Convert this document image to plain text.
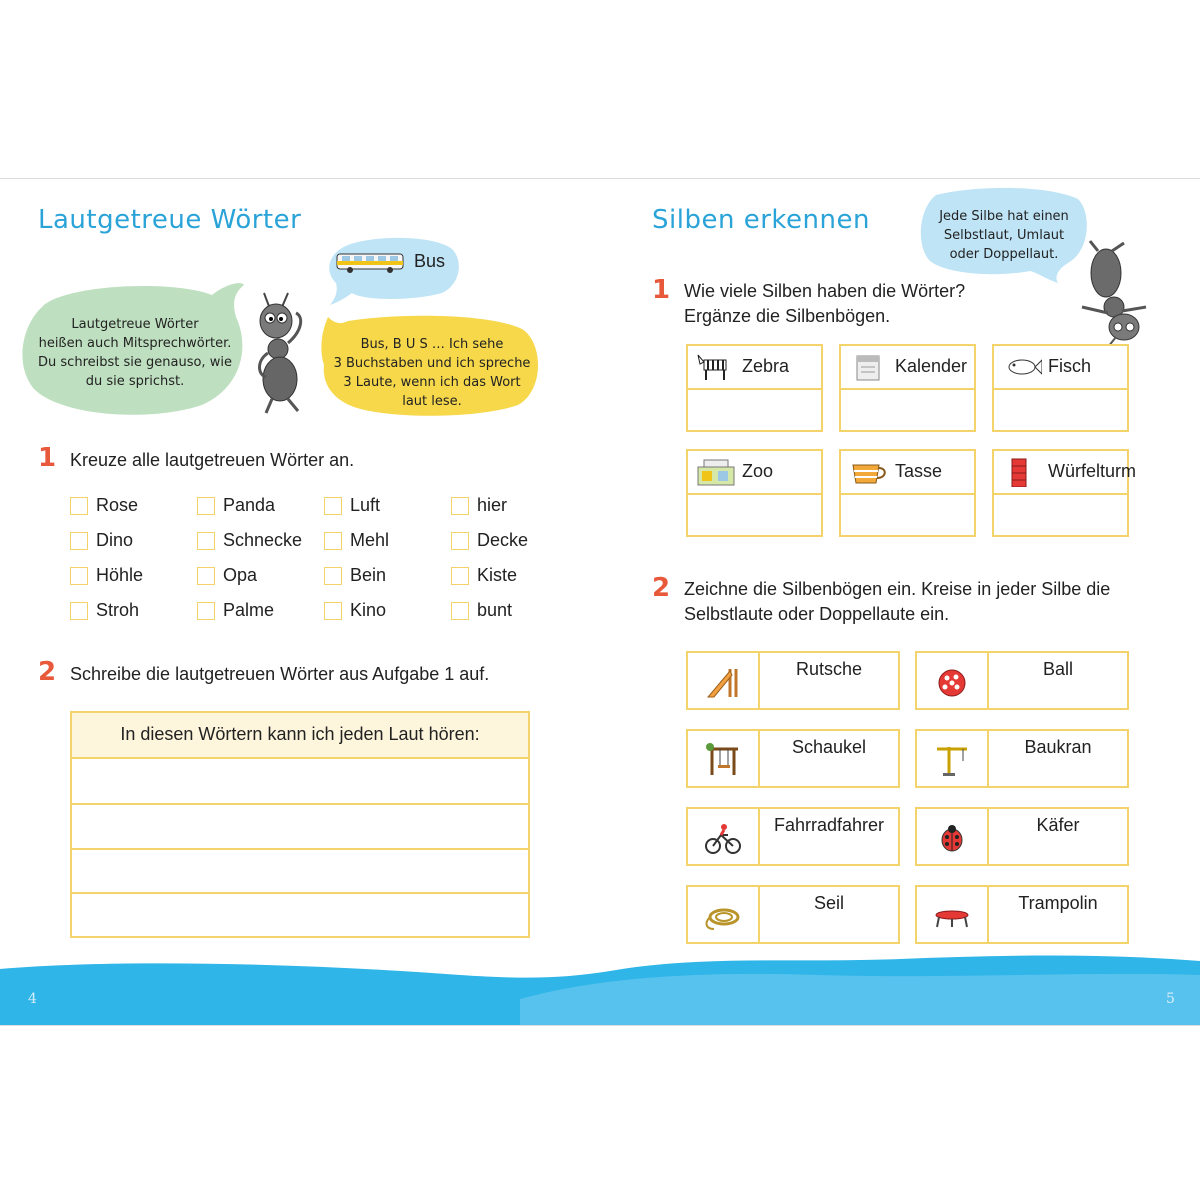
Lautgetreue Wörter
Lautgetreue Wörter
heißen auch Mitsprechwörter.
Du schreibst sie genauso, wie
du sie sprichst.
Bus
Bus, B U S … Ich sehe
3 Buchstaben und ich spreche
3 Laute, wenn ich das Wort
laut lese.
1 Kreuze alle lautgetreuen Wörter an.
2 Schreibe die lautgetreuen Wörter aus Aufgabe 1 auf.
In diesen Wörtern kann ich jeden Laut hören:
Silben erkennen	Jede Silbe hat einen
Selbstlaut, Umlaut
oder Doppellaut.
1 Wie viele Silben haben die Wörter?
Ergänze die Silbenbögen.
2 Zeichne die Silbenbögen ein. Kreise in jeder Silbe die
Selbstlaute oder Doppellaute ein.
4	5
Rose	Panda	Luft	hier
Dino	Schnecke	Mehl	Decke
Höhle	Opa	Bein	Kiste
Stroh	Palme	Kino	bunt
Zebra	Kalender	Fisch
Zoo	Tasse	Würfelturm
Rutsche	Ball
Schaukel	Baukran
Fahrradfahrer	Käfer
Seil	Trampolin
